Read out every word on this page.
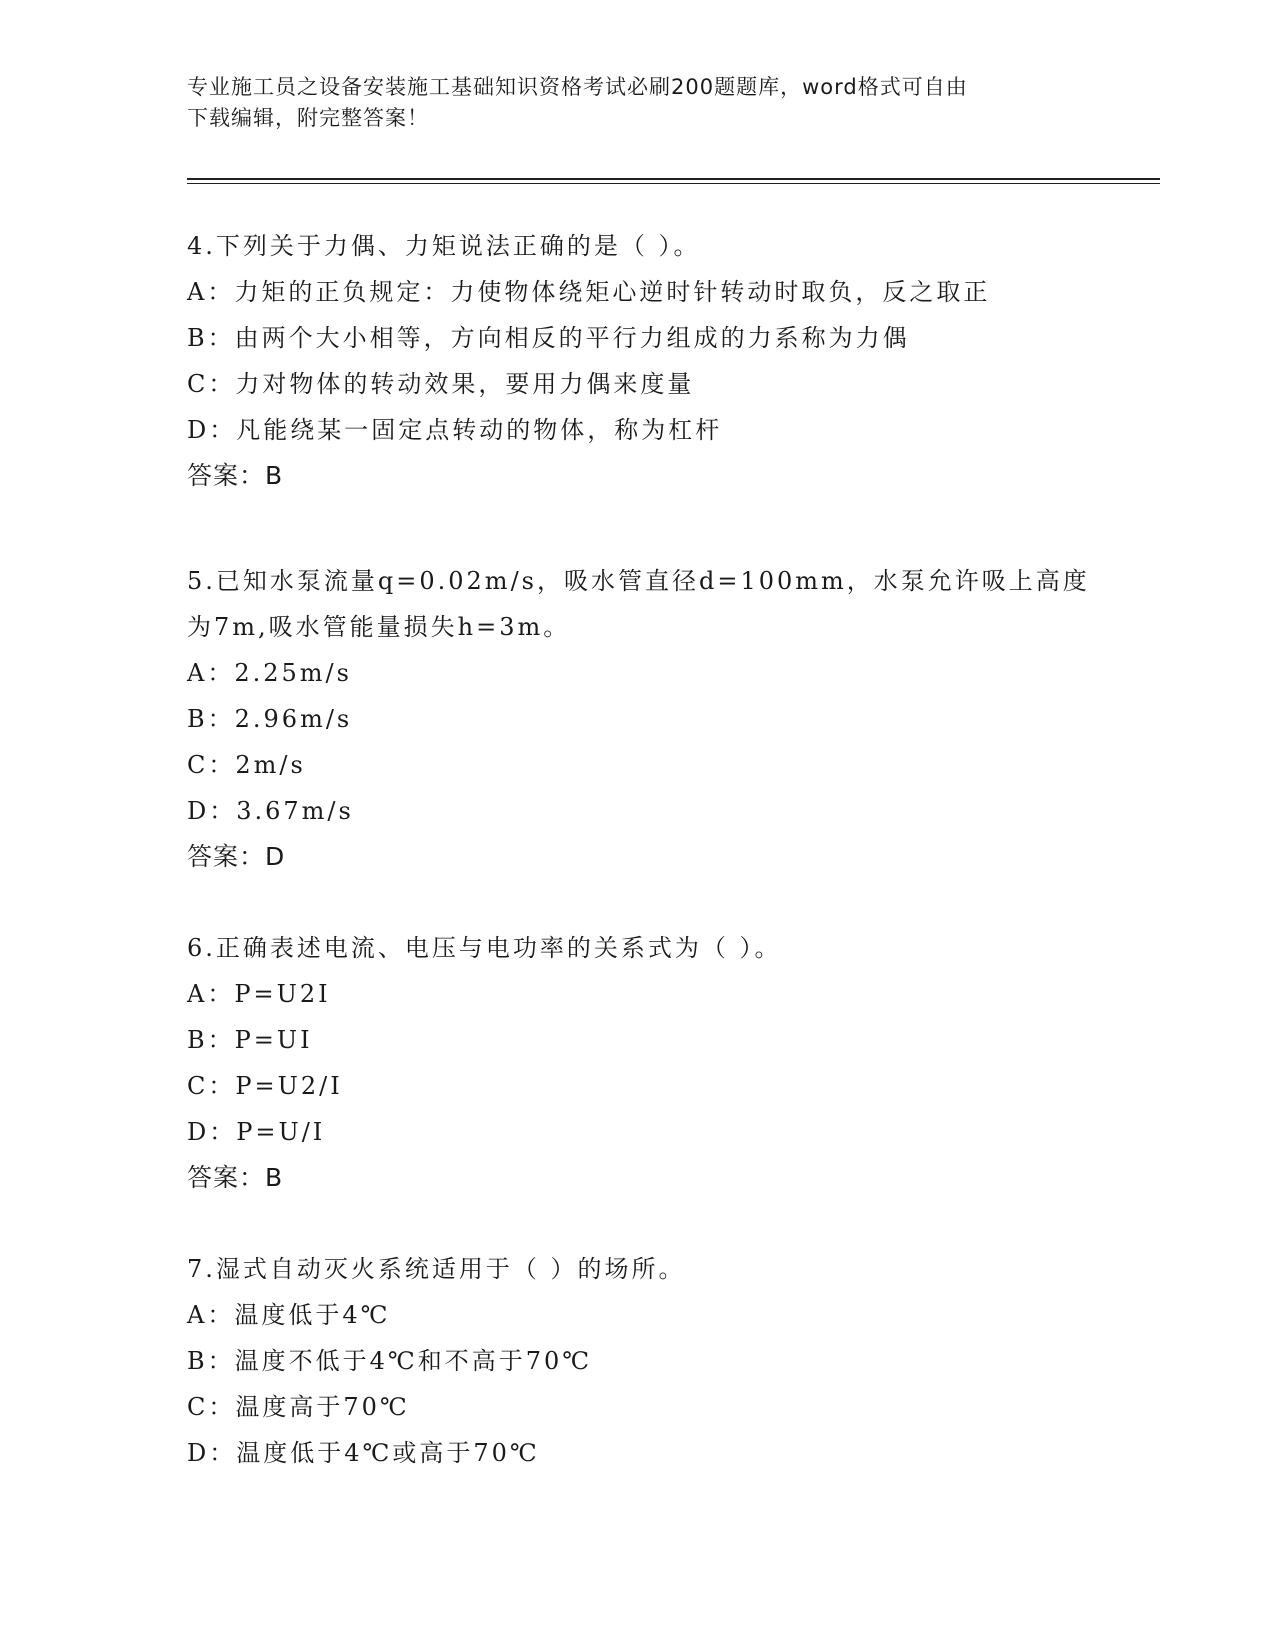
专业施工员之设备安装施工基础知识资格考试必刷200题题库，word格式可自由
下载编辑，附完整答案！
4.下列关于力偶、力矩说法正确的是（ ）。
A：力矩的正负规定：力使物体绕矩心逆时针转动时取负，反之取正
B：由两个大小相等，方向相反的平行力组成的力系称为力偶
C：力对物体的转动效果，要用力偶来度量
D：凡能绕某一固定点转动的物体，称为杠杆
答案：B
5.已知水泵流量q=0.02m/s，吸水管直径d=100mm，水泵允许吸上高度
为7m,吸水管能量损失h=3m。
A：2.25m/s
B：2.96m/s
C：2m/s
D：3.67m/s
答案：D
6.正确表述电流、电压与电功率的关系式为（ ）。
A：P=U2I
B：P=UI
C：P=U2/I
D：P=U/I
答案：B
7.湿式自动灭火系统适用于（ ）的场所。
A：温度低于4℃
B：温度不低于4℃和不高于70℃
C：温度高于70℃
D：温度低于4℃或高于70℃
